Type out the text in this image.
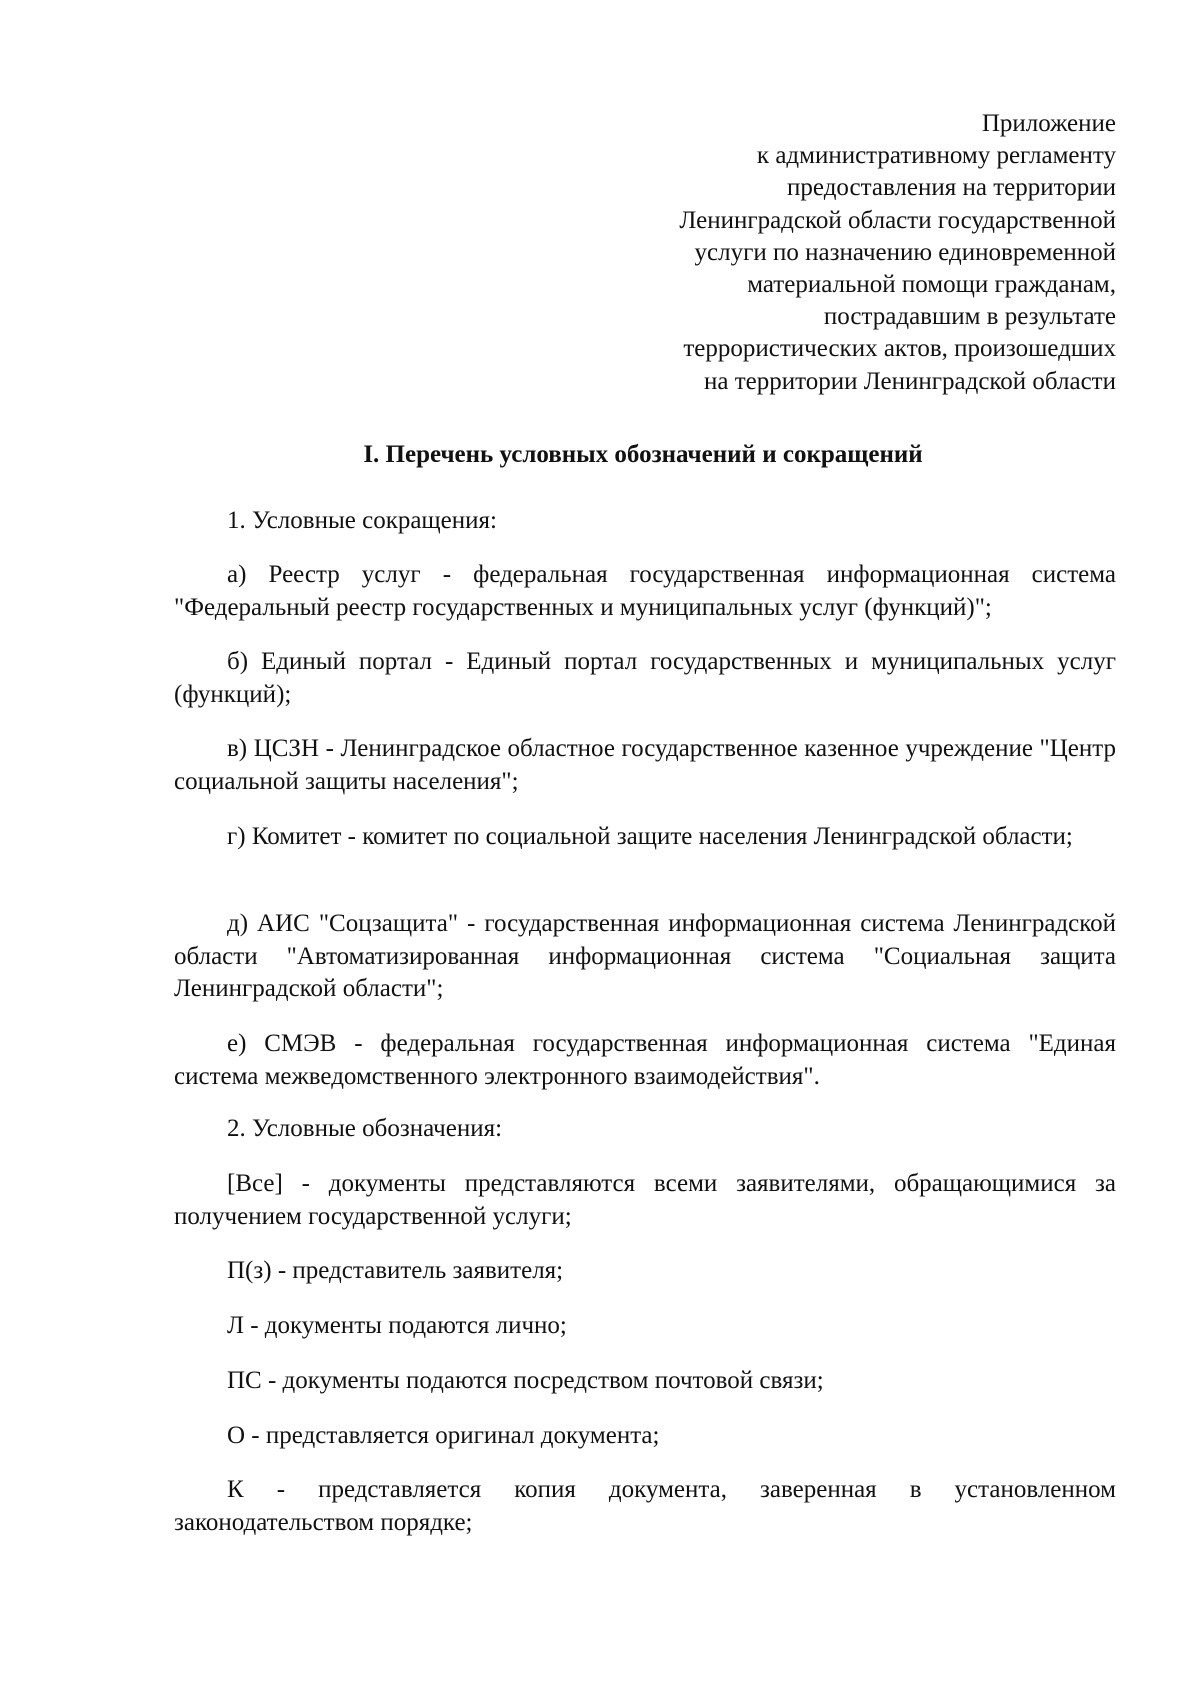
Приложение
к административному регламенту
предоставления на территории
Ленинградской области государственной
услуги по назначению единовременной
материальной помощи гражданам,
пострадавшим в результате
террористических актов, произошедших
на территории Ленинградской области
I. Перечень условных обозначений и сокращений

1. Условные сокращения:

а) Реестр услуг - федеральная государственная информационная система "Федеральный реестр государственных и муниципальных услуг (функций)";

б) Единый портал - Единый портал государственных и муниципальных услуг (функций);

в) ЦСЗН - Ленинградское областное государственное казенное учреждение "Центр социальной защиты населения";

г) Комитет - комитет по социальной защите населения Ленинградской области;

д) АИС "Соцзащита" - государственная информационная система Ленинградской области "Автоматизированная информационная система "Социальная защита Ленинградской области";

е) СМЭВ - федеральная государственная информационная система "Единая система межведомственного электронного взаимодействия".

2. Условные обозначения:

[Все] - документы представляются всеми заявителями, обращающимися за получением государственной услуги;

П(з) - представитель заявителя;

Л - документы подаются лично;

ПС - документы подаются посредством почтовой связи;

О - представляется оригинал документа;

К - представляется копия документа, заверенная в установленном законодательством порядке;
